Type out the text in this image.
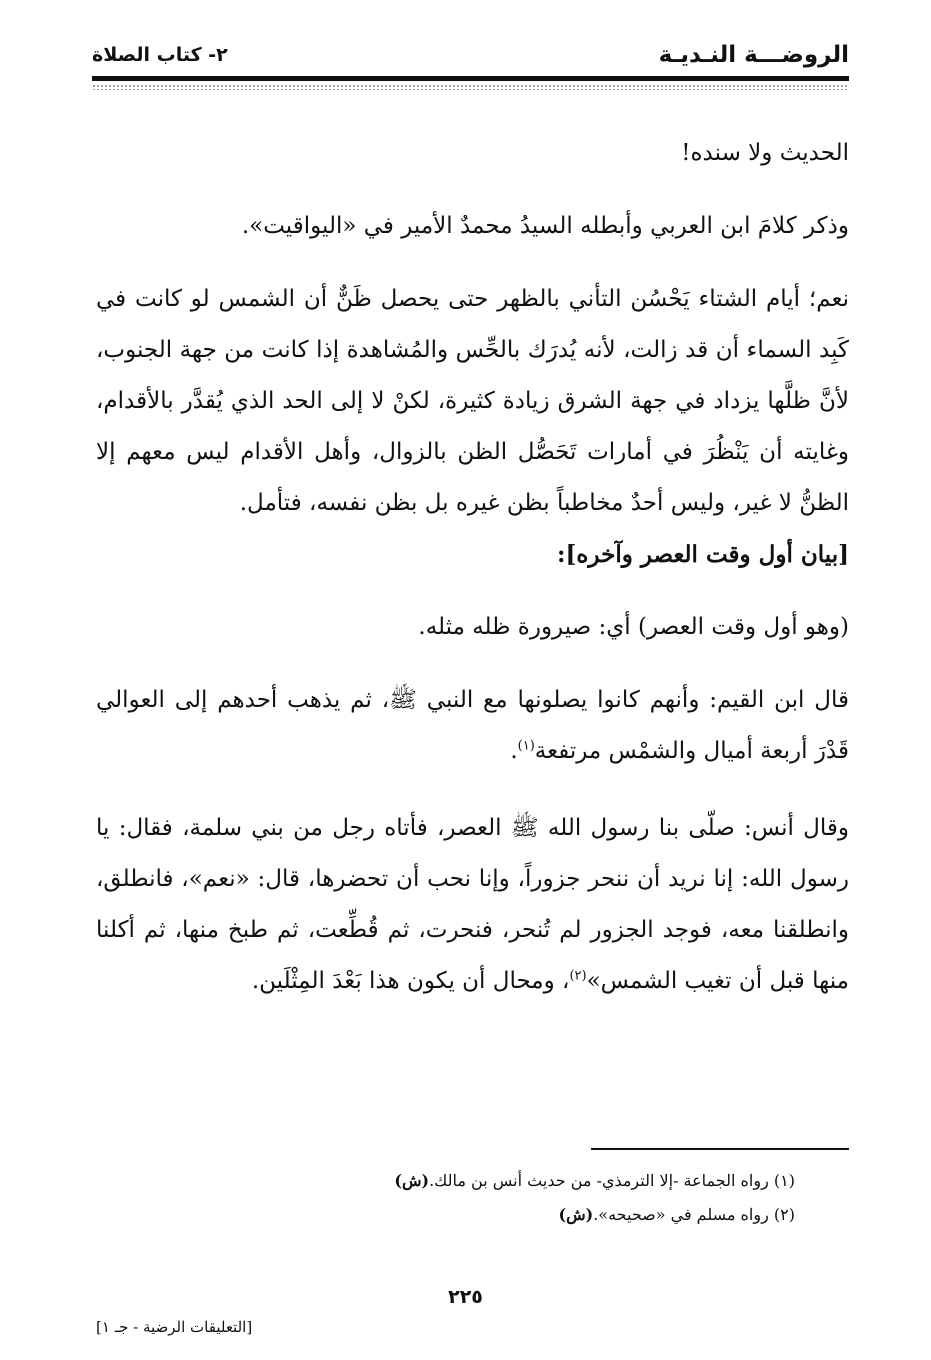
الروضـــة النـديـة
٢- كتاب الصلاة

الحديث ولا سنده!

وذكر كلامَ ابن العربي وأبطله السيدُ محمدٌ الأمير في «اليواقيت».

نعم؛ أيام الشتاء يَحْسُن التأني بالظهر حتى يحصل ظَنٌّ أن الشمس لو كانت في كَبِد السماء أن قد زالت، لأنه يُدرَك بالحِّس والمُشاهدة إذا كانت من جهة الجنوب، لأنَّ ظلَّها يزداد في جهة الشرق زيادة كثيرة، لكنْ لا إلى الحد الذي يُقدَّر بالأقدام، وغايته أن يَنْظُرَ في أمارات تَحَصُّل الظن بالزوال، وأهل الأقدام ليس معهم إلا الظنُّ لا غير، وليس أحدٌ مخاطباً بظن غيره بل بظن نفسه، فتأمل.

[بيان أول وقت العصر وآخره]:

(وهو أول وقت العصر) أي: صيرورة ظله مثله.

قال ابن القيم: وأنهم كانوا يصلونها مع النبي ﷺ، ثم يذهب أحدهم إلى العوالي قَدْرَ أربعة أميال والشمْس مرتفعة$^{(١)}$.

وقال أنس: صلّى بنا رسول الله ﷺ العصر، فأتاه رجل من بني سلمة، فقال: يا رسول الله: إنا نريد أن ننحر جزوراً، وإنا نحب أن تحضرها، قال: «نعم»، فانطلق، وانطلقنا معه، فوجد الجزور لم تُنحر، فنحرت، ثم قُطِّعت، ثم طبخ منها، ثم أكلنا منها قبل أن تغيب الشمس»$^{(٢)}$، ومحال أن يكون هذا بَعْدَ المِثْلَين.

(١) رواه الجماعة -إلا الترمذي- من حديث أنس بن مالك.(ش)

(٢) رواه مسلم في «صحيحه».(ش)

٢٢٥
[التعليقات الرضية - جـ ١]
